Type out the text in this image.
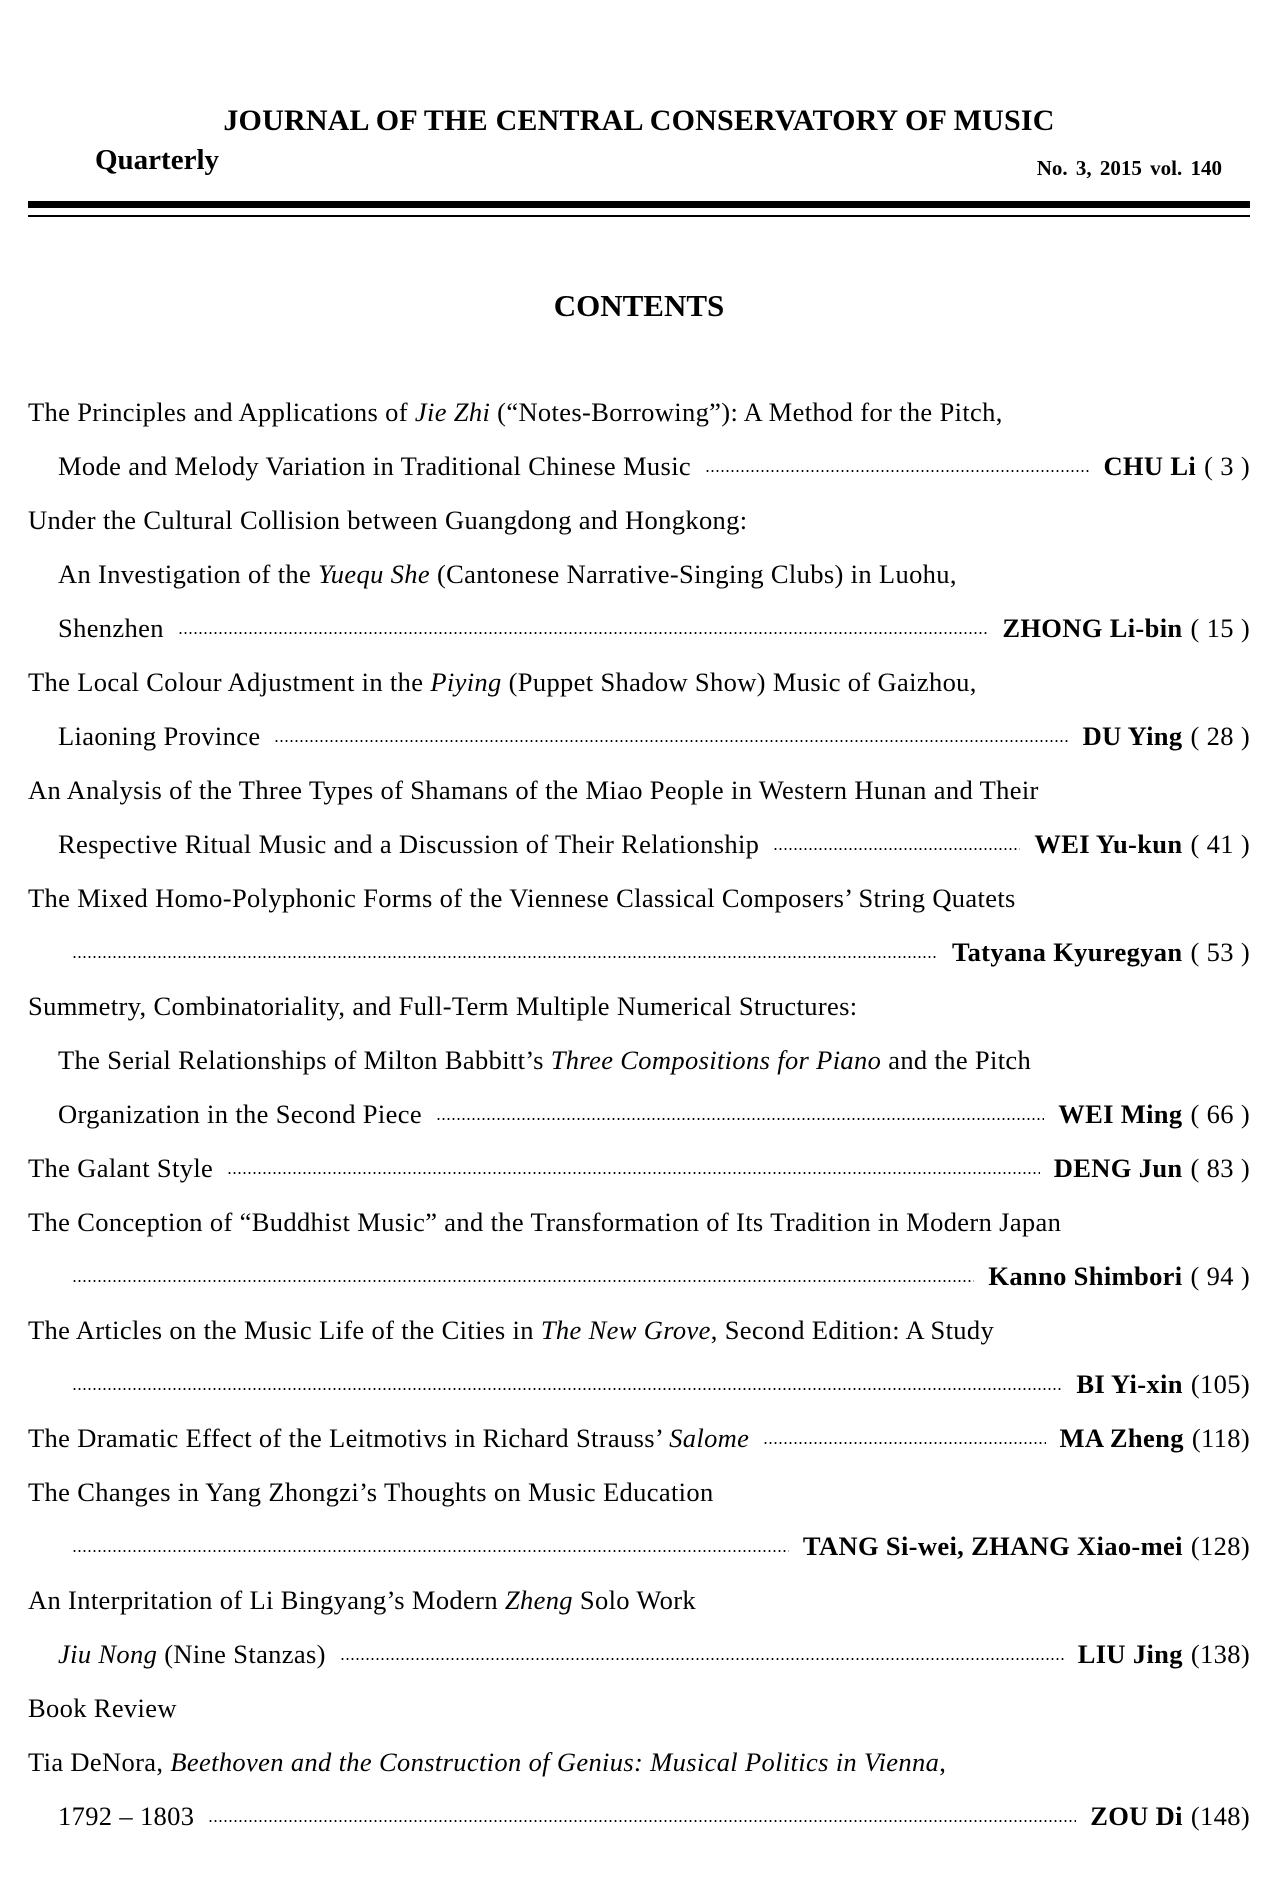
JOURNAL OF THE CENTRAL CONSERVATORY OF MUSIC
Quarterly	No. 3, 2015 vol. 140
CONTENTS
The Principles and Applications of Jie Zhi (“Notes-Borrowing”): A Method for the Pitch,
Mode and Melody Variation in Traditional Chinese Music	CHU Li ( 3 )
Under the Cultural Collision between Guangdong and Hongkong:
An Investigation of the Yuequ She (Cantonese Narrative-Singing Clubs) in Luohu,
Shenzhen	ZHONG Li-bin ( 15 )
The Local Colour Adjustment in the Piying (Puppet Shadow Show) Music of Gaizhou,
Liaoning Province	DU Ying ( 28 )
An Analysis of the Three Types of Shamans of the Miao People in Western Hunan and Their
Respective Ritual Music and a Discussion of Their Relationship	WEI Yu-kun ( 41 )
The Mixed Homo-Polyphonic Forms of the Viennese Classical Composers’ String Quatets
Tatyana Kyuregyan ( 53 )
Summetry, Combinatoriality, and Full-Term Multiple Numerical Structures:
The Serial Relationships of Milton Babbitt’s Three Compositions for Piano and the Pitch
Organization in the Second Piece	WEI Ming ( 66 )
The Galant Style	DENG Jun ( 83 )
The Conception of “Buddhist Music” and the Transformation of Its Tradition in Modern Japan
Kanno Shimbori ( 94 )
The Articles on the Music Life of the Cities in The New Grove, Second Edition: A Study
BI Yi-xin (105)
The Dramatic Effect of the Leitmotivs in Richard Strauss’ Salome	MA Zheng (118)
The Changes in Yang Zhongzi’s Thoughts on Music Education
TANG Si-wei, ZHANG Xiao-mei (128)
An Interpritation of Li Bingyang’s Modern Zheng Solo Work
Jiu Nong (Nine Stanzas)	LIU Jing (138)
Book Review
Tia DeNora, Beethoven and the Construction of Genius: Musical Politics in Vienna,
1792 – 1803	ZOU Di (148)
